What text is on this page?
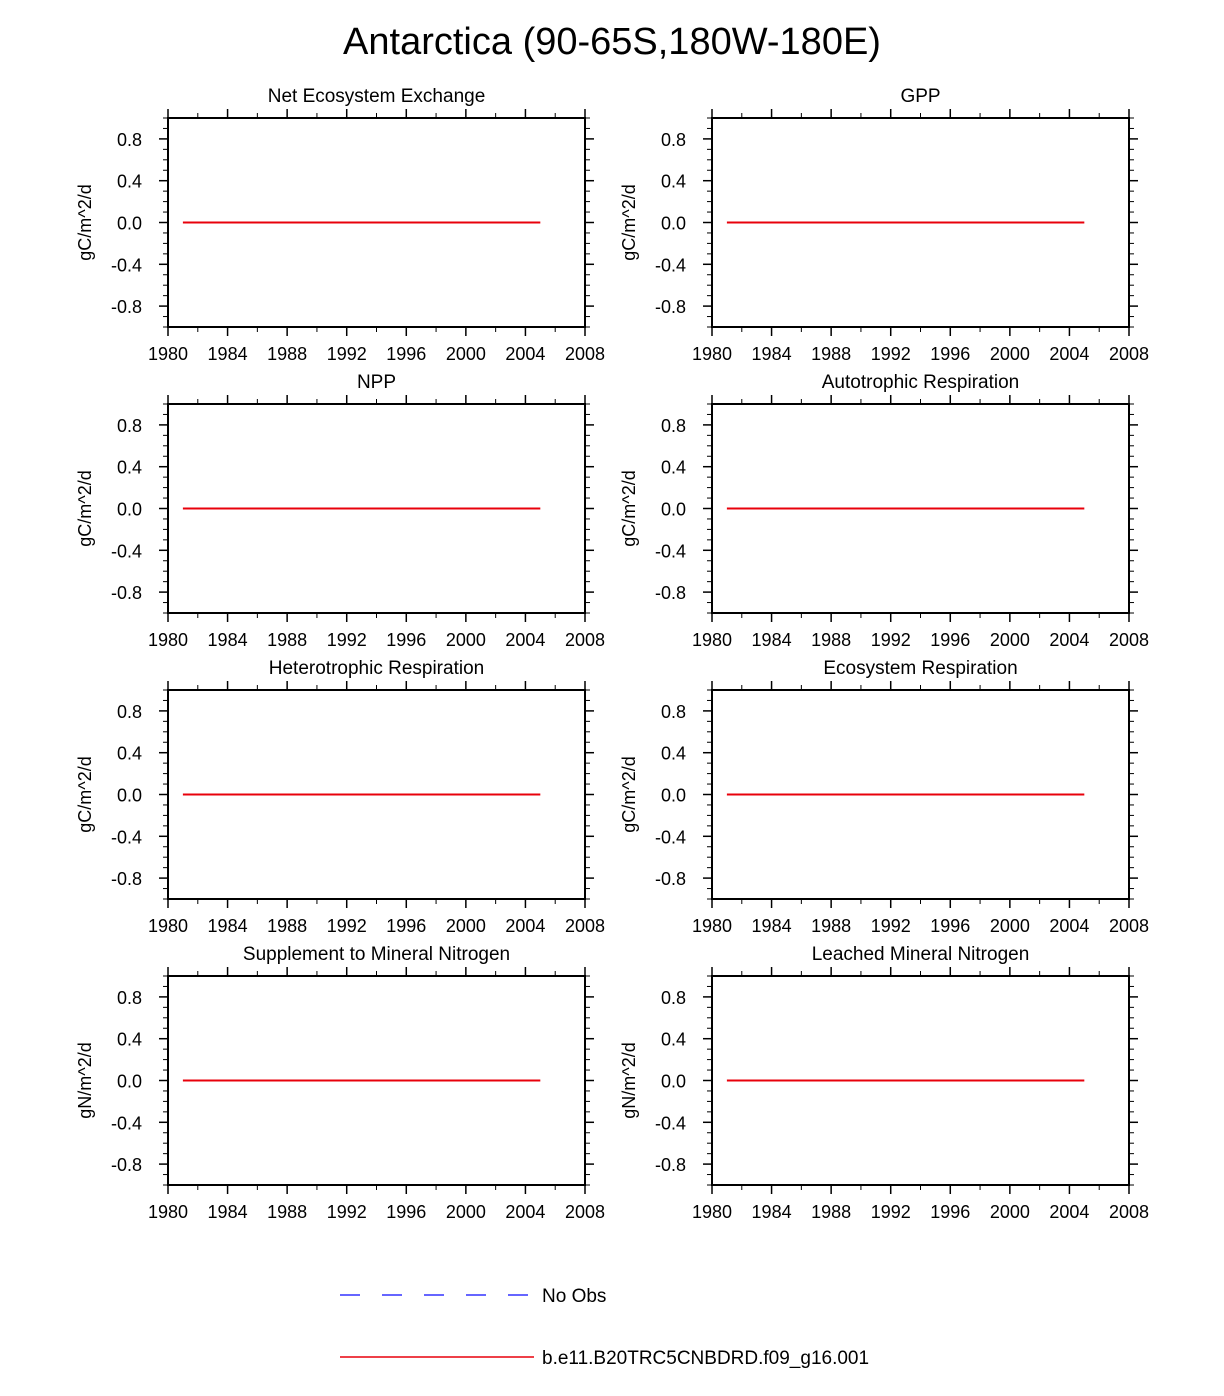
Antarctica (90-65S,180W-180E)
Net Ecosystem Exchange
1980 1984 1988 1992 1996 2000 2004 2008
0.8
0.4
0.0
-0.4
-0.8
gC/m^2/d
GPP
1980 1984 1988 1992 1996 2000 2004 2008
0.8
0.4
0.0
-0.4
-0.8
gC/m^2/d
NPP
1980 1984 1988 1992 1996 2000 2004 2008
0.8
0.4
0.0
-0.4
-0.8
gC/m^2/d
Autotrophic Respiration
1980 1984 1988 1992 1996 2000 2004 2008
0.8
0.4
0.0
-0.4
-0.8
gC/m^2/d
Heterotrophic Respiration
1980 1984 1988 1992 1996 2000 2004 2008
0.8
0.4
0.0
-0.4
-0.8
gC/m^2/d
Ecosystem Respiration
1980 1984 1988 1992 1996 2000 2004 2008
0.8
0.4
0.0
-0.4
-0.8
gC/m^2/d
Supplement to Mineral Nitrogen
1980 1984 1988 1992 1996 2000 2004 2008
0.8
0.4
0.0
-0.4
-0.8
gN/m^2/d
Leached Mineral Nitrogen
1980 1984 1988 1992 1996 2000 2004 2008
0.8
0.4
0.0
-0.4
-0.8
gN/m^2/d
No Obs
b.e11.B20TRC5CNBDRD.f09_g16.001
